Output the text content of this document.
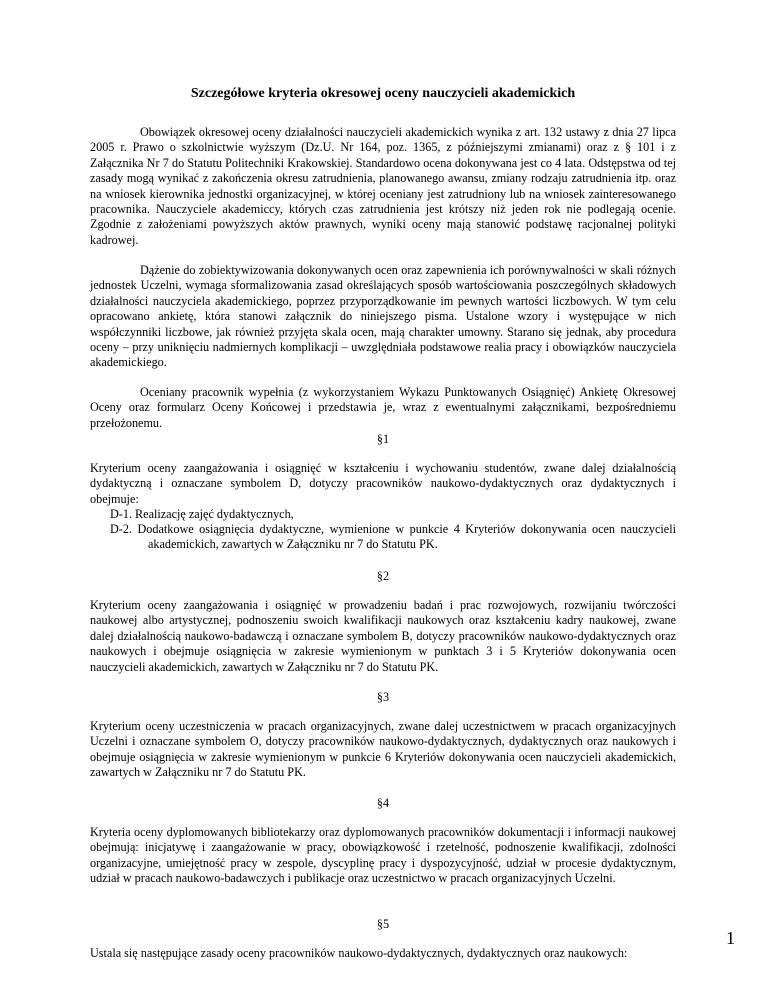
Szczegółowe kryteria okresowej oceny nauczycieli akademickich

Obowiązek okresowej oceny działalności nauczycieli akademickich wynika z art. 132 ustawy z dnia 27 lipca 2005 r. Prawo o szkolnictwie wyższym (Dz.U. Nr 164, poz. 1365, z późniejszymi zmianami) oraz z § 101 i z Załącznika Nr 7 do Statutu Politechniki Krakowskiej. Standardowo ocena dokonywana jest co 4 lata. Odstępstwa od tej zasady mogą wynikać z zakończenia okresu zatrudnienia, planowanego awansu, zmiany rodzaju zatrudnienia itp. oraz na wniosek kierownika jednostki organizacyjnej, w której oceniany jest zatrudniony lub na wniosek zainteresowanego pracownika. Nauczyciele akademiccy, których czas zatrudnienia jest krótszy niż jeden rok nie podlegają ocenie. Zgodnie z założeniami powyższych aktów prawnych, wyniki oceny mają stanowić podstawę racjonalnej polityki kadrowej.

Dążenie do zobiektywizowania dokonywanych ocen oraz zapewnienia ich porównywalności w skali różnych jednostek Uczelni, wymaga sformalizowania zasad określających sposób wartościowania poszczególnych składowych działalności nauczyciela akademickiego, poprzez przyporządkowanie im pewnych wartości liczbowych. W tym celu opracowano ankietę, która stanowi załącznik do niniejszego pisma. Ustalone wzory i występujące w nich współczynniki liczbowe, jak również przyjęta skala ocen, mają charakter umowny. Starano się jednak, aby procedura oceny – przy uniknięciu nadmiernych komplikacji – uwzględniała podstawowe realia pracy i obowiązków nauczyciela akademickiego.

Oceniany pracownik wypełnia (z wykorzystaniem Wykazu Punktowanych Osiągnięć) Ankietę Okresowej Oceny oraz formularz Oceny Końcowej i przedstawia je, wraz z ewentualnymi załącznikami, bezpośredniemu przełożonemu.

§1

Kryterium oceny zaangażowania i osiągnięć w kształceniu i wychowaniu studentów, zwane dalej działalnością dydaktyczną i oznaczane symbolem D, dotyczy pracowników naukowo-dydaktycznych oraz dydaktycznych i obejmuje:

D-1. Realizację zajęć dydaktycznych,
D-2. Dodatkowe osiągnięcia dydaktyczne, wymienione w punkcie 4 Kryteriów dokonywania ocen nauczycieli akademickich, zawartych w Załączniku nr 7 do Statutu PK.
§2

Kryterium oceny zaangażowania i osiągnięć w prowadzeniu badań i prac rozwojowych, rozwijaniu twórczości naukowej albo artystycznej, podnoszeniu swoich kwalifikacji naukowych oraz kształceniu kadry naukowej, zwane dalej działalnością naukowo-badawczą i oznaczane symbolem B, dotyczy pracowników naukowo-dydaktycznych oraz naukowych i obejmuje osiągnięcia w zakresie wymienionym w punktach 3 i 5 Kryteriów dokonywania ocen nauczycieli akademickich, zawartych w Załączniku nr 7 do Statutu PK.

§3

Kryterium oceny uczestniczenia w pracach organizacyjnych, zwane dalej uczestnictwem w pracach organizacyjnych Uczelni i oznaczane symbolem O, dotyczy pracowników naukowo-dydaktycznych, dydaktycznych oraz naukowych i obejmuje osiągnięcia w zakresie wymienionym w punkcie 6 Kryteriów dokonywania ocen nauczycieli akademickich, zawartych w Załączniku nr 7 do Statutu PK.

§4

Kryteria oceny dyplomowanych bibliotekarzy oraz dyplomowanych pracowników dokumentacji i informacji naukowej obejmują: inicjatywę i zaangażowanie w pracy, obowiązkowość i rzetelność, podnoszenie kwalifikacji, zdolności organizacyjne, umiejętność pracy w zespole, dyscyplinę pracy i dyspozycyjność, udział w procesie dydaktycznym, udział w pracach naukowo-badawczych i publikacje oraz uczestnictwo w pracach organizacyjnych Uczelni.

§5

Ustala się następujące zasady oceny pracowników naukowo-dydaktycznych, dydaktycznych oraz naukowych:

1
